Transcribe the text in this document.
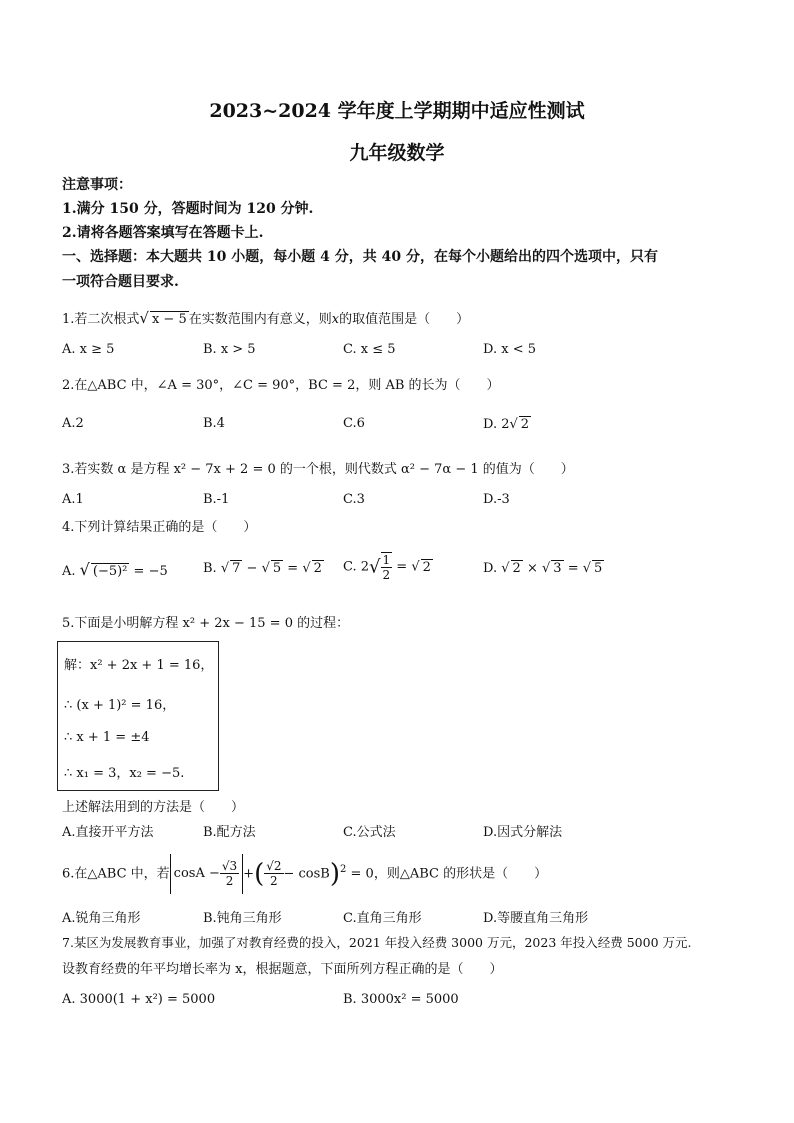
2023~2024 学年度上学期期中适应性测试
九年级数学
注意事项：
1.满分 150 分，答题时间为 120 分钟.
2.请将各题答案填写在答题卡上.
一、选择题：本大题共 10 小题，每小题 4 分，共 40 分，在每个小题给出的四个选项中，只有
一项符合题目要求.
1.若二次根式√ x − 5 在实数范围内有意义，则x的取值范围是（　　）
A. x ≥ 5	B. x > 5	C. x ≤ 5	D. x < 5
2.在△ABC 中，∠A = 30°，∠C = 90°，BC = 2，则 AB 的长为（　　）
A.2	B.4	C.6	D. 2√ 2
3.若实数 α 是方程 x² − 7x + 2 = 0 的一个根，则代数式 α² − 7α − 1 的值为（　　）
A.1	B.-1	C.3	D.-3
4.下列计算结果正确的是（　　）
A. √ (−5)² = −5	B. √ 7 − √ 5 = √ 2 C. $2√ \frac{1}{2}$ = √ 2	D. √ 2 × √ 3 = √ 5
5.下面是小明解方程 x² + 2x − 15 = 0 的过程：
解：x² + 2x + 1 = 16，
∴ (x + 1)² = 16，
∴ x + 1 = ±4
∴ x₁ = 3，x₂ = −5.
上述解法用到的方法是（　　）
A.直接开平方法	B.配方法	C.公式法	D.因式分解法
6.在△ABC 中，若 $\cos A - \frac{√3}{2}$ +( $\frac{√2}{2} - \cos B)^2 = 0$，则△ABC 的形状是（　　）
A.锐角三角形	B.钝角三角形	C.直角三角形	D.等腰直角三角形
7.某区为发展教育事业，加强了对教育经费的投入，2021 年投入经费 3000 万元，2023 年投入经费 5000 万元.
设教育经费的年平均增长率为 x，根据题意，下面所列方程正确的是（　　）
A. 3000(1 + x²) = 5000	B. 3000x² = 5000
